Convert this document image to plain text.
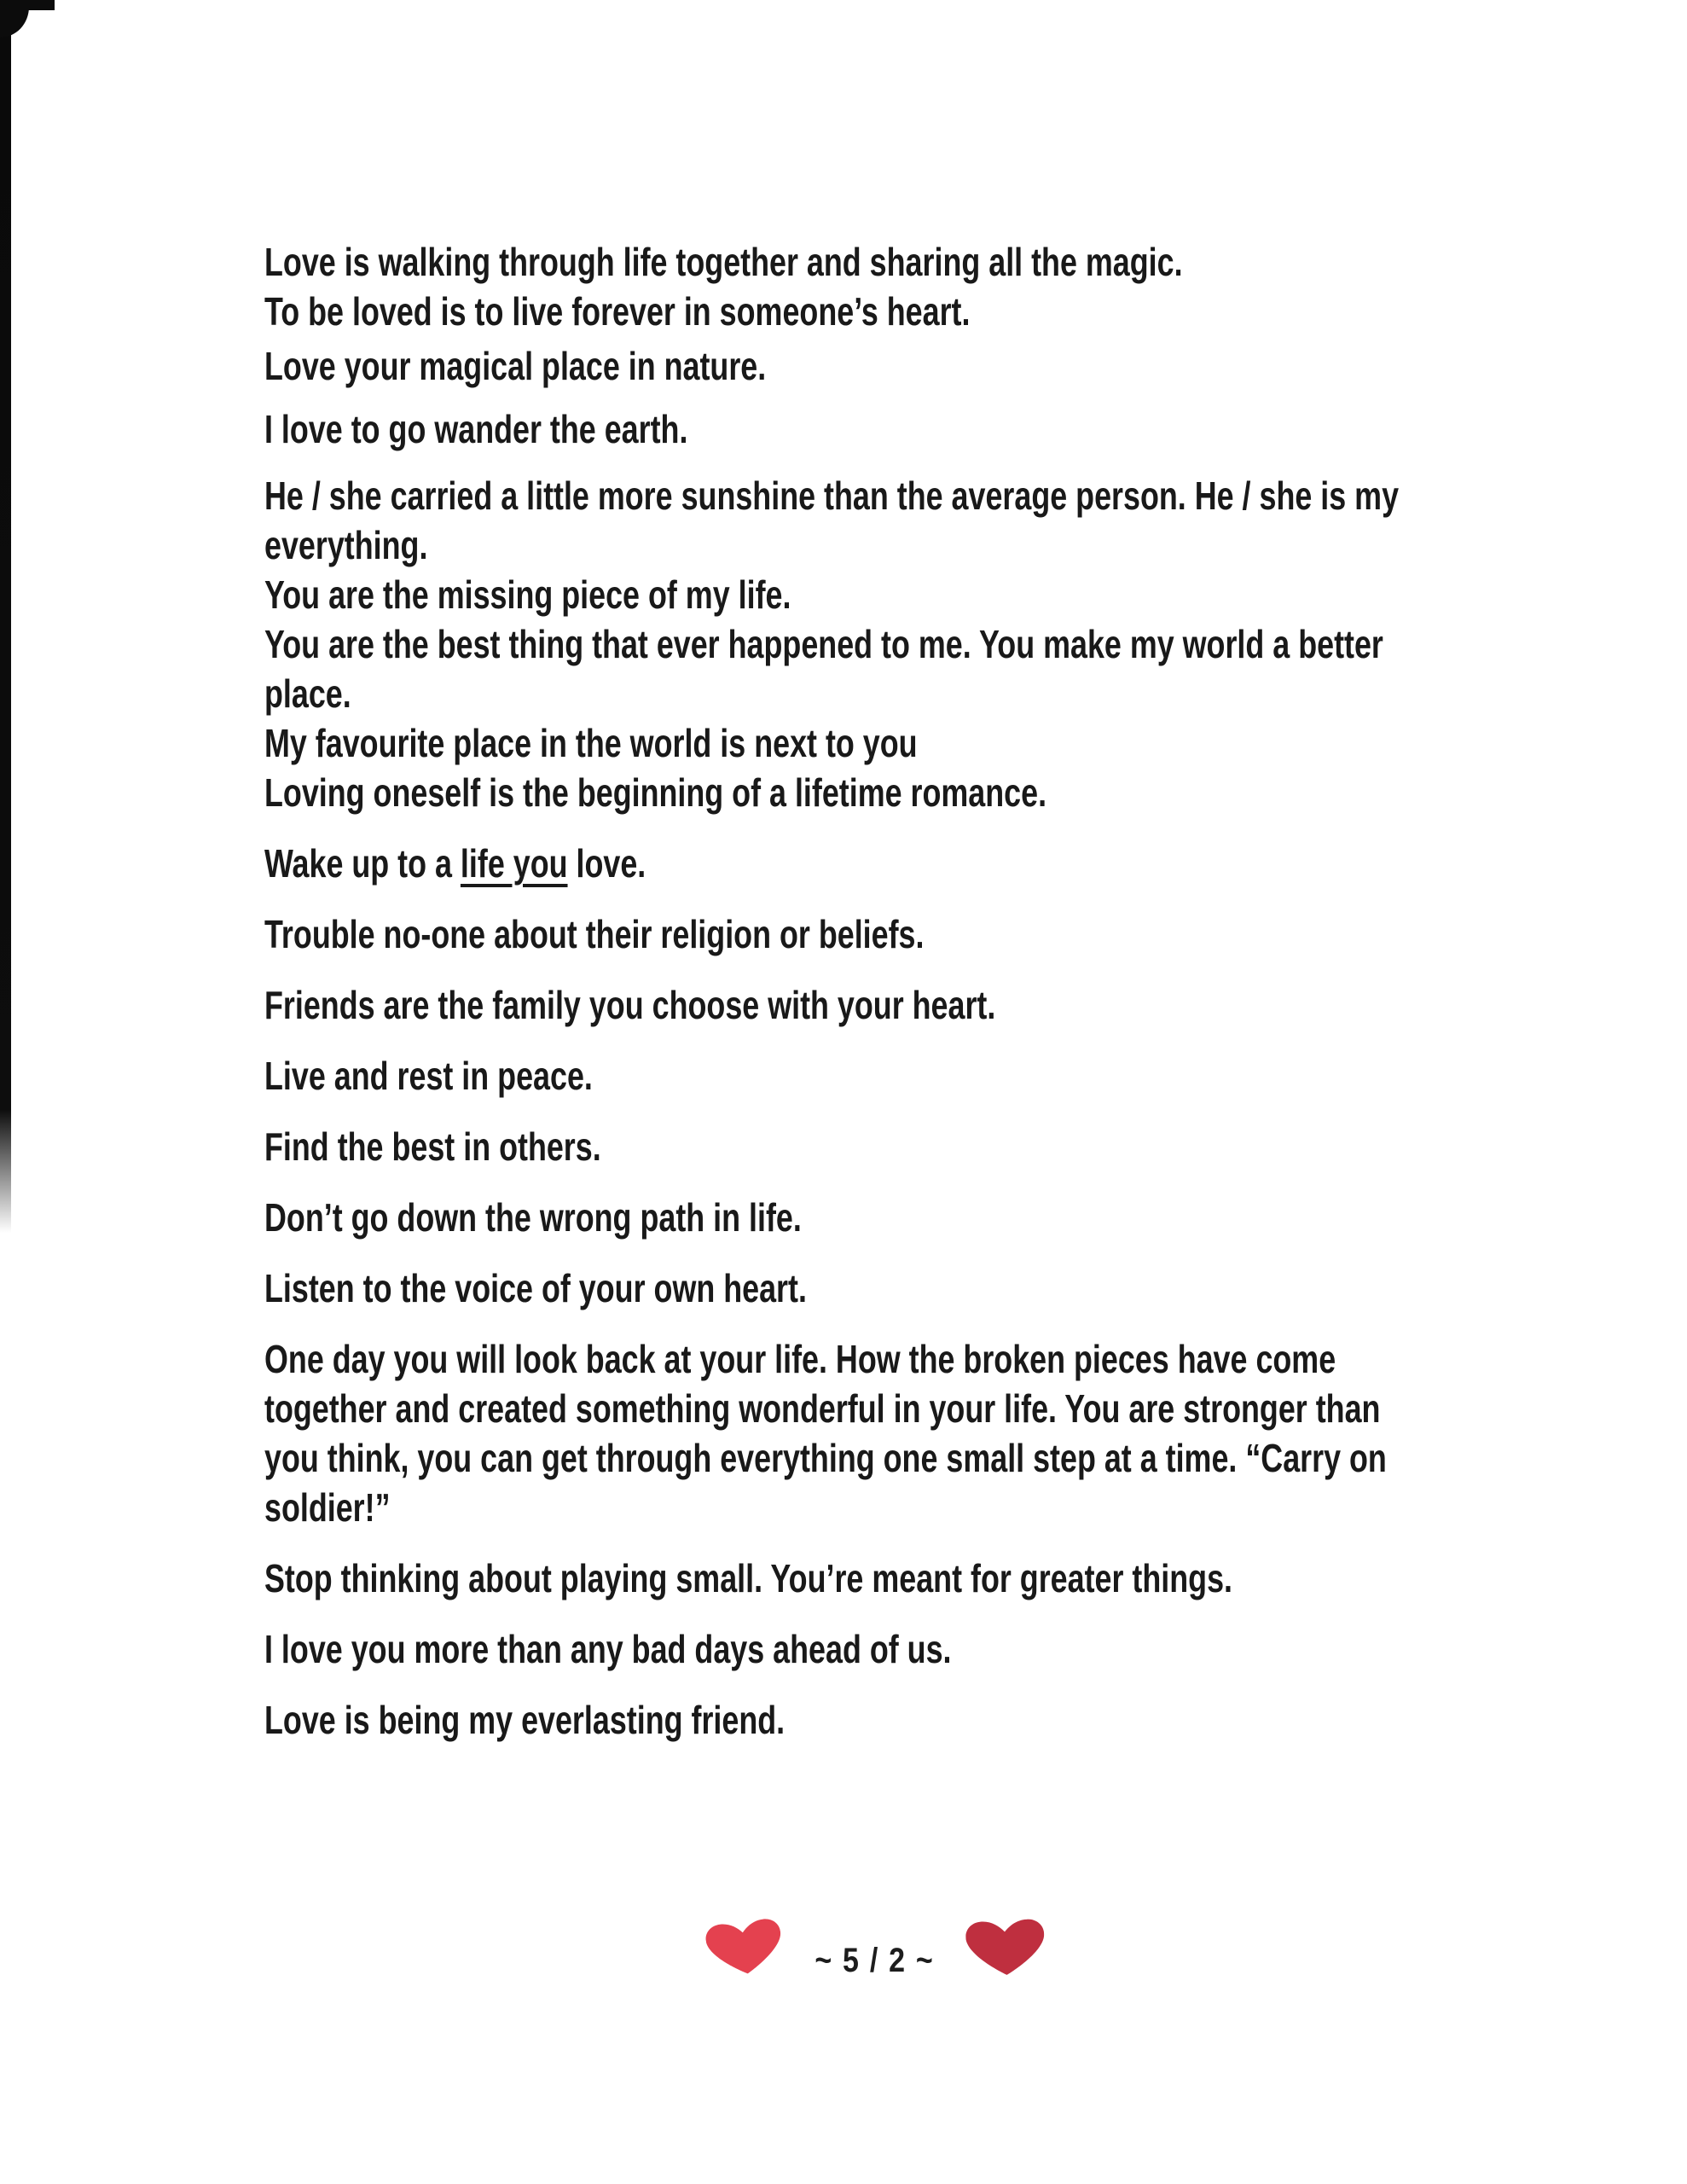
Love is walking through life together and sharing all the magic.

To be loved is to live forever in someone’s heart.

Love your magical place in nature.

I love to go wander the earth.

He / she carried a little more sunshine than the average person. He / she is my
everything.

You are the missing piece of my life.

You are the best thing that ever happened to me. You make my world a better
place.

My favourite place in the world is next to you

Loving oneself is the beginning of a lifetime romance.

Wake up to a life you love.

Trouble no-one about their religion or beliefs.

Friends are the family you choose with your heart.

Live and rest in peace.

Find the best in others.

Don’t go down the wrong path in life.

Listen to the voice of your own heart.

One day you will look back at your life. How the broken pieces have come
together and created something wonderful in your life. You are stronger than
you think, you can get through everything one small step at a time. “Carry on
soldier!”

Stop thinking about playing small. You’re meant for greater things.

I love you more than any bad days ahead of us.

Love is being my everlasting friend.

~ 5 / 2 ~
